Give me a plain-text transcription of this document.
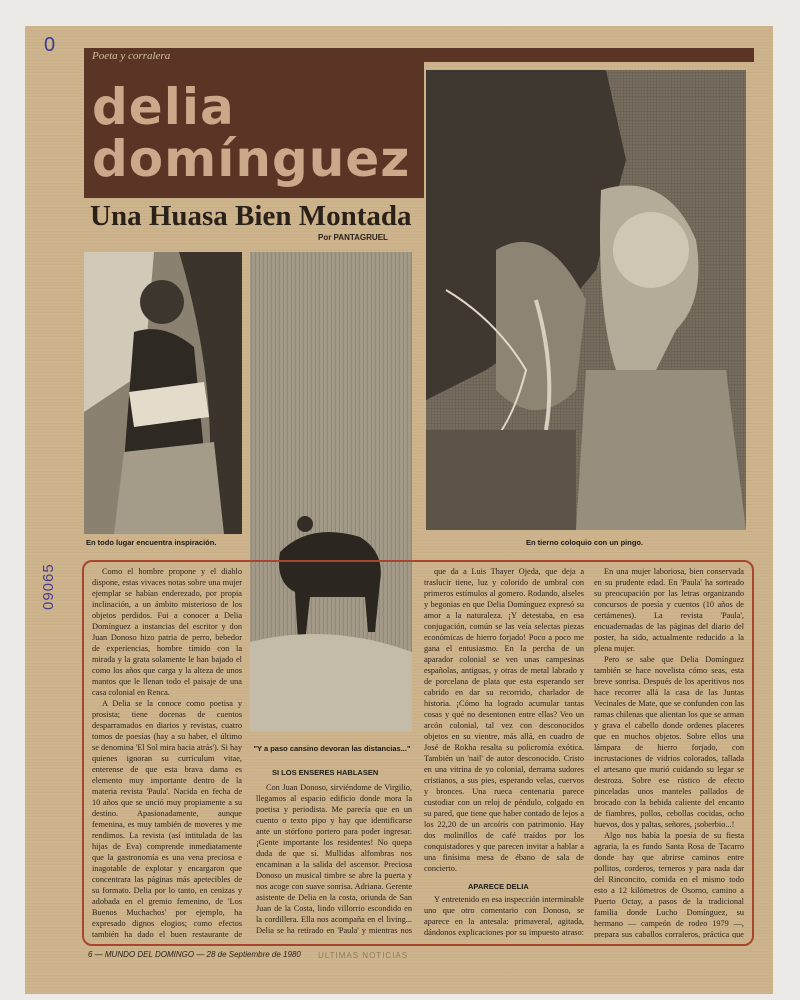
0
09065
Poeta y corralera
delia
domínguez
Una Huasa Bien Montada
Por PANTAGRUEL
En tierno coloquio con un pingo.
En todo lugar encuentra inspiración.
"Y a paso cansino devoran las distancias..."

Como el hombre propone y el diablo dispone, estas vivaces notas sobre una mujer ejemplar se habían enderezado, por propia inclinación, a un ámbito misterioso de los objetos perdidos. Fui a conocer a Delia Domínguez a instancias del escritor y don Juan Donoso hizo patria de perro, bebedor de experiencias, hombre tímido con la mirada y la grata solamente le han bajado el como los años que carga y la alteza de unos mantos que le llenan todo el paisaje de una casa colonial en Renca.

A Delia se la conoce como poetisa y prosista; tiene docenas de cuentos desparramados en diarios y revistas, cuatro tomos de poesías (hay a su haber, el último se denomina 'El Sol mira hacia atrás'). Si hay quienes ignoran su curriculum vitae, enterense de que esta brava dama es elemento muy importante dentro de la materia revista 'Paula'. Nacida en fecha de 10 años que se unció muy propiamente a su destino. Apasionadamente, aunque femenina, es muy también de moveres y me rendimos. La revista (así intitulada de las hijas de Eva) comprende inmediatamente que la gastronomía es una vena preciosa e inagotable de explotar y encargaron que concentrara las páginas más apetecibles de su formato. Delia por lo tanto, en cenizas y adobada en el gremio femenino, de 'Los Buenos Muchachos' por ejemplo, ha expresado dignos elogios; como efectos también ha dado el buen restaurante de

SI LOS ENSERES HABLASEN

Con Juan Donoso, sirviéndome de Virgilio, llegamos al espacio edificio donde mora la poetisa y periodista. Me parecía que en un cuento o texto pipo y hay que identificarse ante un stórfono portero para poder ingresar. ¡Gente importante los residentes! No quepa duda de que sí. Mullidas alfombras nos encaminan a la salida del ascensor. Preciosa Donoso un musical timbre se abre la puerta y nos acoge con suave sonrisa. Adriana. Gerente asistente de Delia en la costa, oriunda de San Juan de la Costa, lindo villorrio escondido en la cordillera. Ella nos acompaña en el living... Delia se ha retirado en 'Paula' y mientras nos

que da a Luis Thayer Ojeda, que deja a traslucir tiene, luz y colorido de umbral con primeros estímulos al gomero. Rodando, alseles y begonias en que Delia Domínguez expresó su amor a la naturaleza. ¡Y detestaba, en esa conjugación, común se las veía selectas piezas económicas de hierro forjado! Poco a poco me gana el entusiasmo. En la percha de un aparador colonial se ven unas campesinas españolas, antiguas, y otras de metal labrado y de porcelana de plata que esta esperando ser cabrido en dar su recorrido, charlador de historia. ¡Cómo ha logrado acumular tantas cosas y qué no desentonen entre ellas? Veo un arcón colonial, tal vez con desconocidos objetos en su vientre, más allá, en cuadro de José de Rokha resalta su policromía exótica. También un 'nail' de autor desconocido. Cristo en una vitrina de yo colonial, derrama sudores cristianos, a sus pies, esperando velas, cuervos y bronces. Una rueca centenaria parece custodiar con un reloj de péndulo, colgado en su pared, que tiene que haber contado de lejos a los 22,20 de un arcoíris con patrimonio. Hay dos molinillos de café traídos por los conquistadores y que parecen invitar a hablar a una finísima mesa de ébano de sala de concierto.

APARECE DELIA

Y entretenido en esa inspección interminable uno que otro comentario con Donoso, se aparece en la antesala: primaveral, agitada, dándonos explicaciones por su impuesto atraso:

En una mujer laboriosa, bien conservada en su prudente edad. En 'Paula' ha sorteado su preocupación por las letras organizando concursos de poesía y cuentos (10 años de certámenes). La revista 'Paula', encuadernadas de las páginas del diario del poster, ha sido, actualmente reducido a la plena mujer.

Pero se sabe que Delia Domínguez también se hace novelista cómo seas, esta breve sonrisa. Después de los aperitivos nos hace recorrer allá la casa de las Juntas Vecinales de Mate, que se confunden con las ramas chilenas que alientan los que se arman y grava el cabello donde ordenes placeres que en muchos objetos. Sobre ellos una lámpara de hierro forjado, con incrustaciones de vidrios colorados, tallada el artesano que murió cuidando su legar se destroza. Sobre ese rústico de efecto pinceladas unos manteles pallados de brocado con la bebida caliente del encanto de fiambres, pollos, cebollas cocidas, ocho huevos, dos y paltas, señores, ¡soberbio...!

Algo nos había la poesía de su fiesta agraria, la es fundo Santa Rosa de Tacarro donde hay que abrirse caminos entre pollitos, corderos, terneros y para nada dar del Rinconcito, comida en el mismo todo esto a 12 kilómetros de Osorno, camino a Puerto Octay, a pasos de la tradicional familia donde Lucho Domínguez, su hermano — campeón de rodeo 1979 —, prepara sus caballos corraleros, práctica que

6 — MUNDO DEL DOMINGO — 28 de Septiembre de 1980 ULTIMAS NOTICIAS
